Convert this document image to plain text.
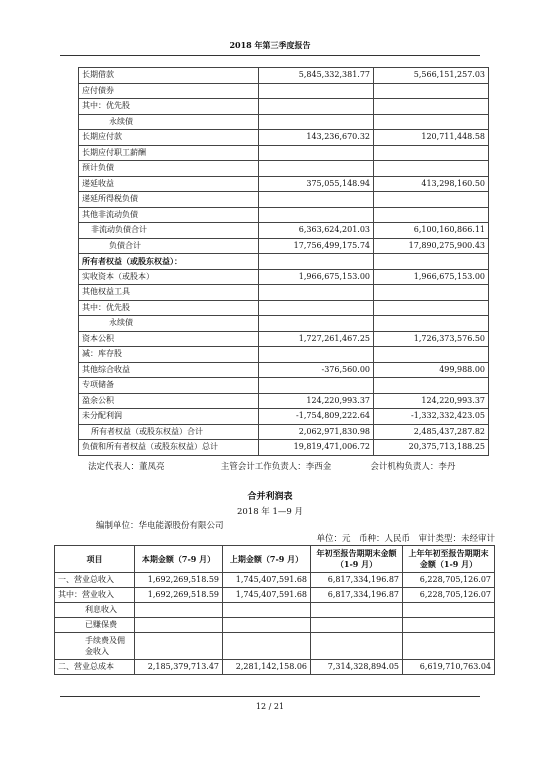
2018 年第三季度报告
长期借款	5,845,332,381.77	5,566,151,257.03
应付债券		
其中：优先股		
永续债		
长期应付款	143,236,670.32	120,711,448.58
长期应付职工薪酬		
预计负债		
递延收益	375,055,148.94	413,298,160.50
递延所得税负债		
其他非流动负债		
非流动负债合计	6,363,624,201.03	6,100,160,866.11
负债合计	17,756,499,175.74	17,890,275,900.43
所有者权益（或股东权益）：		
实收资本（或股本）	1,966,675,153.00	1,966,675,153.00
其他权益工具		
其中：优先股		
永续债		
资本公积	1,727,261,467.25	1,726,373,576.50
减：库存股		
其他综合收益	-376,560.00	499,988.00
专项储备		
盈余公积	124,220,993.37	124,220,993.37
未分配利润	-1,754,809,222.64	-1,332,332,423.05
所有者权益（或股东权益）合计	2,062,971,830.98	2,485,437,287.82
负债和所有者权益（或股东权益）总计	19,819,471,006.72	20,375,713,188.25
法定代表人：董凤亮	主管会计工作负责人：李西金	会计机构负责人：李丹
合并利润表
2018 年 1—9 月
编制单位：华电能源股份有限公司
单位：元　币种：人民币　审计类型：未经审计
项目	本期金额（7-9 月）	上期金额（7-9 月）	年初至报告期期末金额（1-9 月）	上年年初至报告期期末金额（1-9 月）
一、营业总收入	1,692,269,518.59	1,745,407,591.68	6,817,334,196.87	6,228,705,126.07
其中：营业收入	1,692,269,518.59	1,745,407,591.68	6,817,334,196.87	6,228,705,126.07
利息收入				
已赚保费				
手续费及佣金收入				
二、营业总成本	2,185,379,713.47	2,281,142,158.06	7,314,328,894.05	6,619,710,763.04
12 / 21
